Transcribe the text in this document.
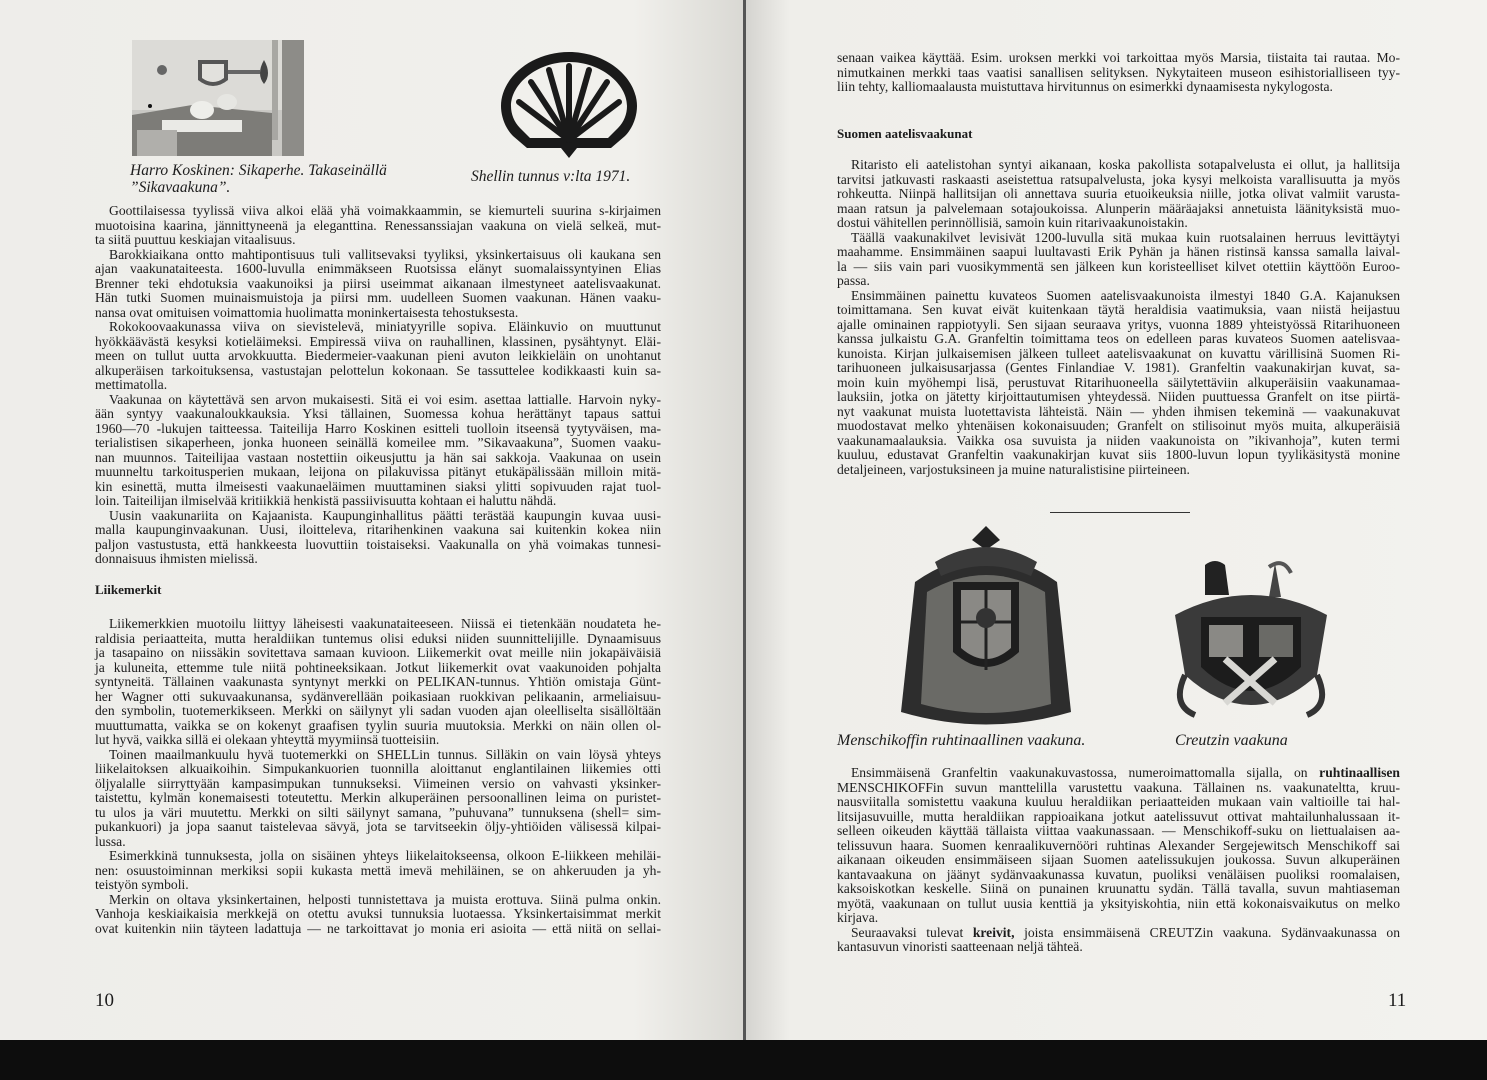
Harro Koskinen: Sikaperhe. Takaseinällä
”Sikavaakuna”.
Shellin tunnus v:lta 1971.
Goottilaisessa tyylissä viiva alkoi elää yhä voimakkaammin, se kiemurteli suurina s-kirjaimen
muotoisina kaarina, jännittyneenä ja eleganttina. Renessanssiajan vaakuna on vielä selkeä, mut-
ta siitä puuttuu keskiajan vitaalisuus.
Barokkiaikana ontto mahtipontisuus tuli vallitsevaksi tyyliksi, yksinkertaisuus oli kaukana sen
ajan vaakunataiteesta. 1600-luvulla enimmäkseen Ruotsissa elänyt suomalaissyntyinen Elias
Brenner teki ehdotuksia vaakunoiksi ja piirsi useimmat aikanaan ilmestyneet aatelisvaakunat.
Hän tutki Suomen muinaismuistoja ja piirsi mm. uudelleen Suomen vaakunan. Hänen vaaku-
nansa ovat omituisen voimattomia huolimatta moninkertaisesta tehostuksesta.
Rokokoovaakunassa viiva on sievistelevä, miniatyyrille sopiva. Eläinkuvio on muuttunut
hyökkäävästä kesyksi kotieläimeksi. Empiressä viiva on rauhallinen, klassinen, pysähtynyt. Eläi-
meen on tullut uutta arvokkuutta. Biedermeier-vaakunan pieni avuton leikkieläin on unohtanut
alkuperäisen tarkoituksensa, vastustajan pelottelun kokonaan. Se tassuttelee kodikkaasti kuin sa-
mettimatolla.
Vaakunaa on käytettävä sen arvon mukaisesti. Sitä ei voi esim. asettaa lattialle. Harvoin nyky-
ään syntyy vaakunaloukkauksia. Yksi tällainen, Suomessa kohua herättänyt tapaus sattui
1960—70 -lukujen taitteessa. Taiteilija Harro Koskinen esitteli tuolloin itseensä tyytyväisen, ma-
terialistisen sikaperheen, jonka huoneen seinällä komeilee mm. ”Sikavaakuna”, Suomen vaaku-
nan muunnos. Taiteilijaa vastaan nostettiin oikeusjuttu ja hän sai sakkoja. Vaakunaa on usein
muunneltu tarkoitusperien mukaan, leijona on pilakuvissa pitänyt etukäpälissään milloin mitä-
kin esinettä, mutta ilmeisesti vaakunaeläimen muuttaminen siaksi ylitti sopivuuden rajat tuol-
loin. Taiteilijan ilmiselvää kritiikkiä henkistä passiivisuutta kohtaan ei haluttu nähdä.
Uusin vaakunariita on Kajaanista. Kaupunginhallitus päätti terästää kaupungin kuvaa uusi-
malla kaupunginvaakunan. Uusi, iloitteleva, ritarihenkinen vaakuna sai kuitenkin kokea niin
paljon vastustusta, että hankkeesta luovuttiin toistaiseksi. Vaakunalla on yhä voimakas tunnesi-
donnaisuus ihmisten mielissä.
Liikemerkit
Liikemerkkien muotoilu liittyy läheisesti vaakunataiteeseen. Niissä ei tietenkään noudateta he-
raldisia periaatteita, mutta heraldiikan tuntemus olisi eduksi niiden suunnittelijille. Dynaamisuus
ja tasapaino on niissäkin sovitettava samaan kuvioon. Liikemerkit ovat meille niin jokapäiväisiä
ja kuluneita, ettemme tule niitä pohtineeksikaan. Jotkut liikemerkit ovat vaakunoiden pohjalta
syntyneitä. Tällainen vaakunasta syntynyt merkki on PELIKAN-tunnus. Yhtiön omistaja Günt-
her Wagner otti sukuvaakunansa, sydänverellään poikasiaan ruokkivan pelikaanin, armeliaisuu-
den symbolin, tuotemerkikseen. Merkki on säilynyt yli sadan vuoden ajan oleelliselta sisällöltään
muuttumatta, vaikka se on kokenyt graafisen tyylin suuria muutoksia. Merkki on näin ollen ol-
lut hyvä, vaikka sillä ei olekaan yhteyttä myymiinsä tuotteisiin.
Toinen maailmankuulu hyvä tuotemerkki on SHELLin tunnus. Silläkin on vain löysä yhteys
liikelaitoksen alkuaikoihin. Simpukankuorien tuonnilla aloittanut englantilainen liikemies otti
öljyalalle siirryttyään kampasimpukan tunnukseksi. Viimeinen versio on vahvasti yksinker-
taistettu, kylmän konemaisesti toteutettu. Merkin alkuperäinen persoonallinen leima on puristet-
tu ulos ja väri muutettu. Merkki on silti säilynyt samana, ”puhuvana” tunnuksena (shell= sim-
pukankuori) ja jopa saanut taistelevaa sävyä, jota se tarvitseekin öljy-yhtiöiden välisessä kilpai-
lussa.
Esimerkkinä tunnuksesta, jolla on sisäinen yhteys liikelaitokseensa, olkoon E-liikkeen mehiläi-
nen: osuustoiminnan merkiksi sopii kukasta mettä imevä mehiläinen, se on ahkeruuden ja yh-
teistyön symboli.
Merkin on oltava yksinkertainen, helposti tunnistettava ja muista erottuva. Siinä pulma onkin.
Vanhoja keskiaikaisia merkkejä on otettu avuksi tunnuksia luotaessa. Yksinkertaisimmat merkit
ovat kuitenkin niin täyteen ladattuja — ne tarkoittavat jo monia eri asioita — että niitä on sellai-
10
senaan vaikea käyttää. Esim. uroksen merkki voi tarkoittaa myös Marsia, tiistaita tai rautaa. Mo-
nimutkainen merkki taas vaatisi sanallisen selityksen. Nykytaiteen museon esihistorialliseen tyy-
liin tehty, kalliomaalausta muistuttava hirvitunnus on esimerkki dynaamisesta nykylogosta.
Suomen aatelisvaakunat
Ritaristo eli aatelistohan syntyi aikanaan, koska pakollista sotapalvelusta ei ollut, ja hallitsija
tarvitsi jatkuvasti raskaasti aseistettua ratsupalvelusta, joka kysyi melkoista varallisuutta ja myös
rohkeutta. Niinpä hallitsijan oli annettava suuria etuoikeuksia niille, jotka olivat valmiit varusta-
maan ratsun ja palvelemaan sotajoukoissa. Alunperin määräajaksi annetuista läänityksistä muo-
dostui vähitellen perinnöllisiä, samoin kuin ritarivaakunoistakin.
Täällä vaakunakilvet levisivät 1200-luvulla sitä mukaa kuin ruotsalainen herruus levittäytyi
maahamme. Ensimmäinen saapui luultavasti Erik Pyhän ja hänen ristinsä kanssa samalla laival-
la — siis vain pari vuosikymmentä sen jälkeen kun koristeelliset kilvet otettiin käyttöön Euroo-
passa.
Ensimmäinen painettu kuvateos Suomen aatelisvaakunoista ilmestyi 1840 G.A. Kajanuksen
toimittamana. Sen kuvat eivät kuitenkaan täytä heraldisia vaatimuksia, vaan niistä heijastuu
ajalle ominainen rappiotyyli. Sen sijaan seuraava yritys, vuonna 1889 yhteistyössä Ritarihuoneen
kanssa julkaistu G.A. Granfeltin toimittama teos on edelleen paras kuvateos Suomen aatelisvaa-
kunoista. Kirjan julkaisemisen jälkeen tulleet aatelisvaakunat on kuvattu värillisinä Suomen Ri-
tarihuoneen julkaisusarjassa (Gentes Finlandiae V. 1981). Granfeltin vaakunakirjan kuvat, sa-
moin kuin myöhempi lisä, perustuvat Ritarihuoneella säilytettäviin alkuperäisiin vaakunamaa-
lauksiin, jotka on jätetty kirjoittautumisen yhteydessä. Niiden puuttuessa Granfelt on itse piirtä-
nyt vaakunat muista luotettavista lähteistä. Näin — yhden ihmisen tekeminä — vaakunakuvat
muodostavat melko yhtenäisen kokonaisuuden; Granfelt on stilisoinut myös muita, alkuperäisiä
vaakunamaalauksia. Vaikka osa suvuista ja niiden vaakunoista on ”ikivanhoja”, kuten termi
kuuluu, edustavat Granfeltin vaakunakirjan kuvat siis 1800-luvun lopun tyylikäsitystä monine
detaljeineen, varjostuksineen ja muine naturalistisine piirteineen.
Menschikoffin ruhtinaallinen vaakuna.	Creutzin vaakuna
Ensimmäisenä Granfeltin vaakunakuvastossa, numeroimattomalla sijalla, on ruhtinaallisen
MENSCHIKOFFin suvun manttelilla varustettu vaakuna. Tällainen ns. vaakunateltta, kruu-
nausviitalla somistettu vaakuna kuuluu heraldiikan periaatteiden mukaan vain valtioille tai hal-
litsijasuvuille, mutta heraldiikan rappioaikana jotkut aatelissuvut ottivat mahtailunhalussaan it-
selleen oikeuden käyttää tällaista viittaa vaakunassaan. — Menschikoff-suku on liettualaisen aa-
telissuvun haara. Suomen kenraalikuvernööri ruhtinas Alexander Sergejewitsch Menschikoff sai
aikanaan oikeuden ensimmäiseen sijaan Suomen aatelissukujen joukossa. Suvun alkuperäinen
kantavaakuna on jäänyt sydänvaakunassa kuvatun, puoliksi venäläisen puoliksi roomalaisen,
kaksoiskotkan keskelle. Siinä on punainen kruunattu sydän. Tällä tavalla, suvun mahtiaseman
myötä, vaakunaan on tullut uusia kenttiä ja yksityiskohtia, niin että kokonaisvaikutus on melko
kirjava.
Seuraavaksi tulevat kreivit, joista ensimmäisenä CREUTZin vaakuna. Sydänvaakunassa on
kantasuvun vinoristi saatteenaan neljä tähteä.
11
